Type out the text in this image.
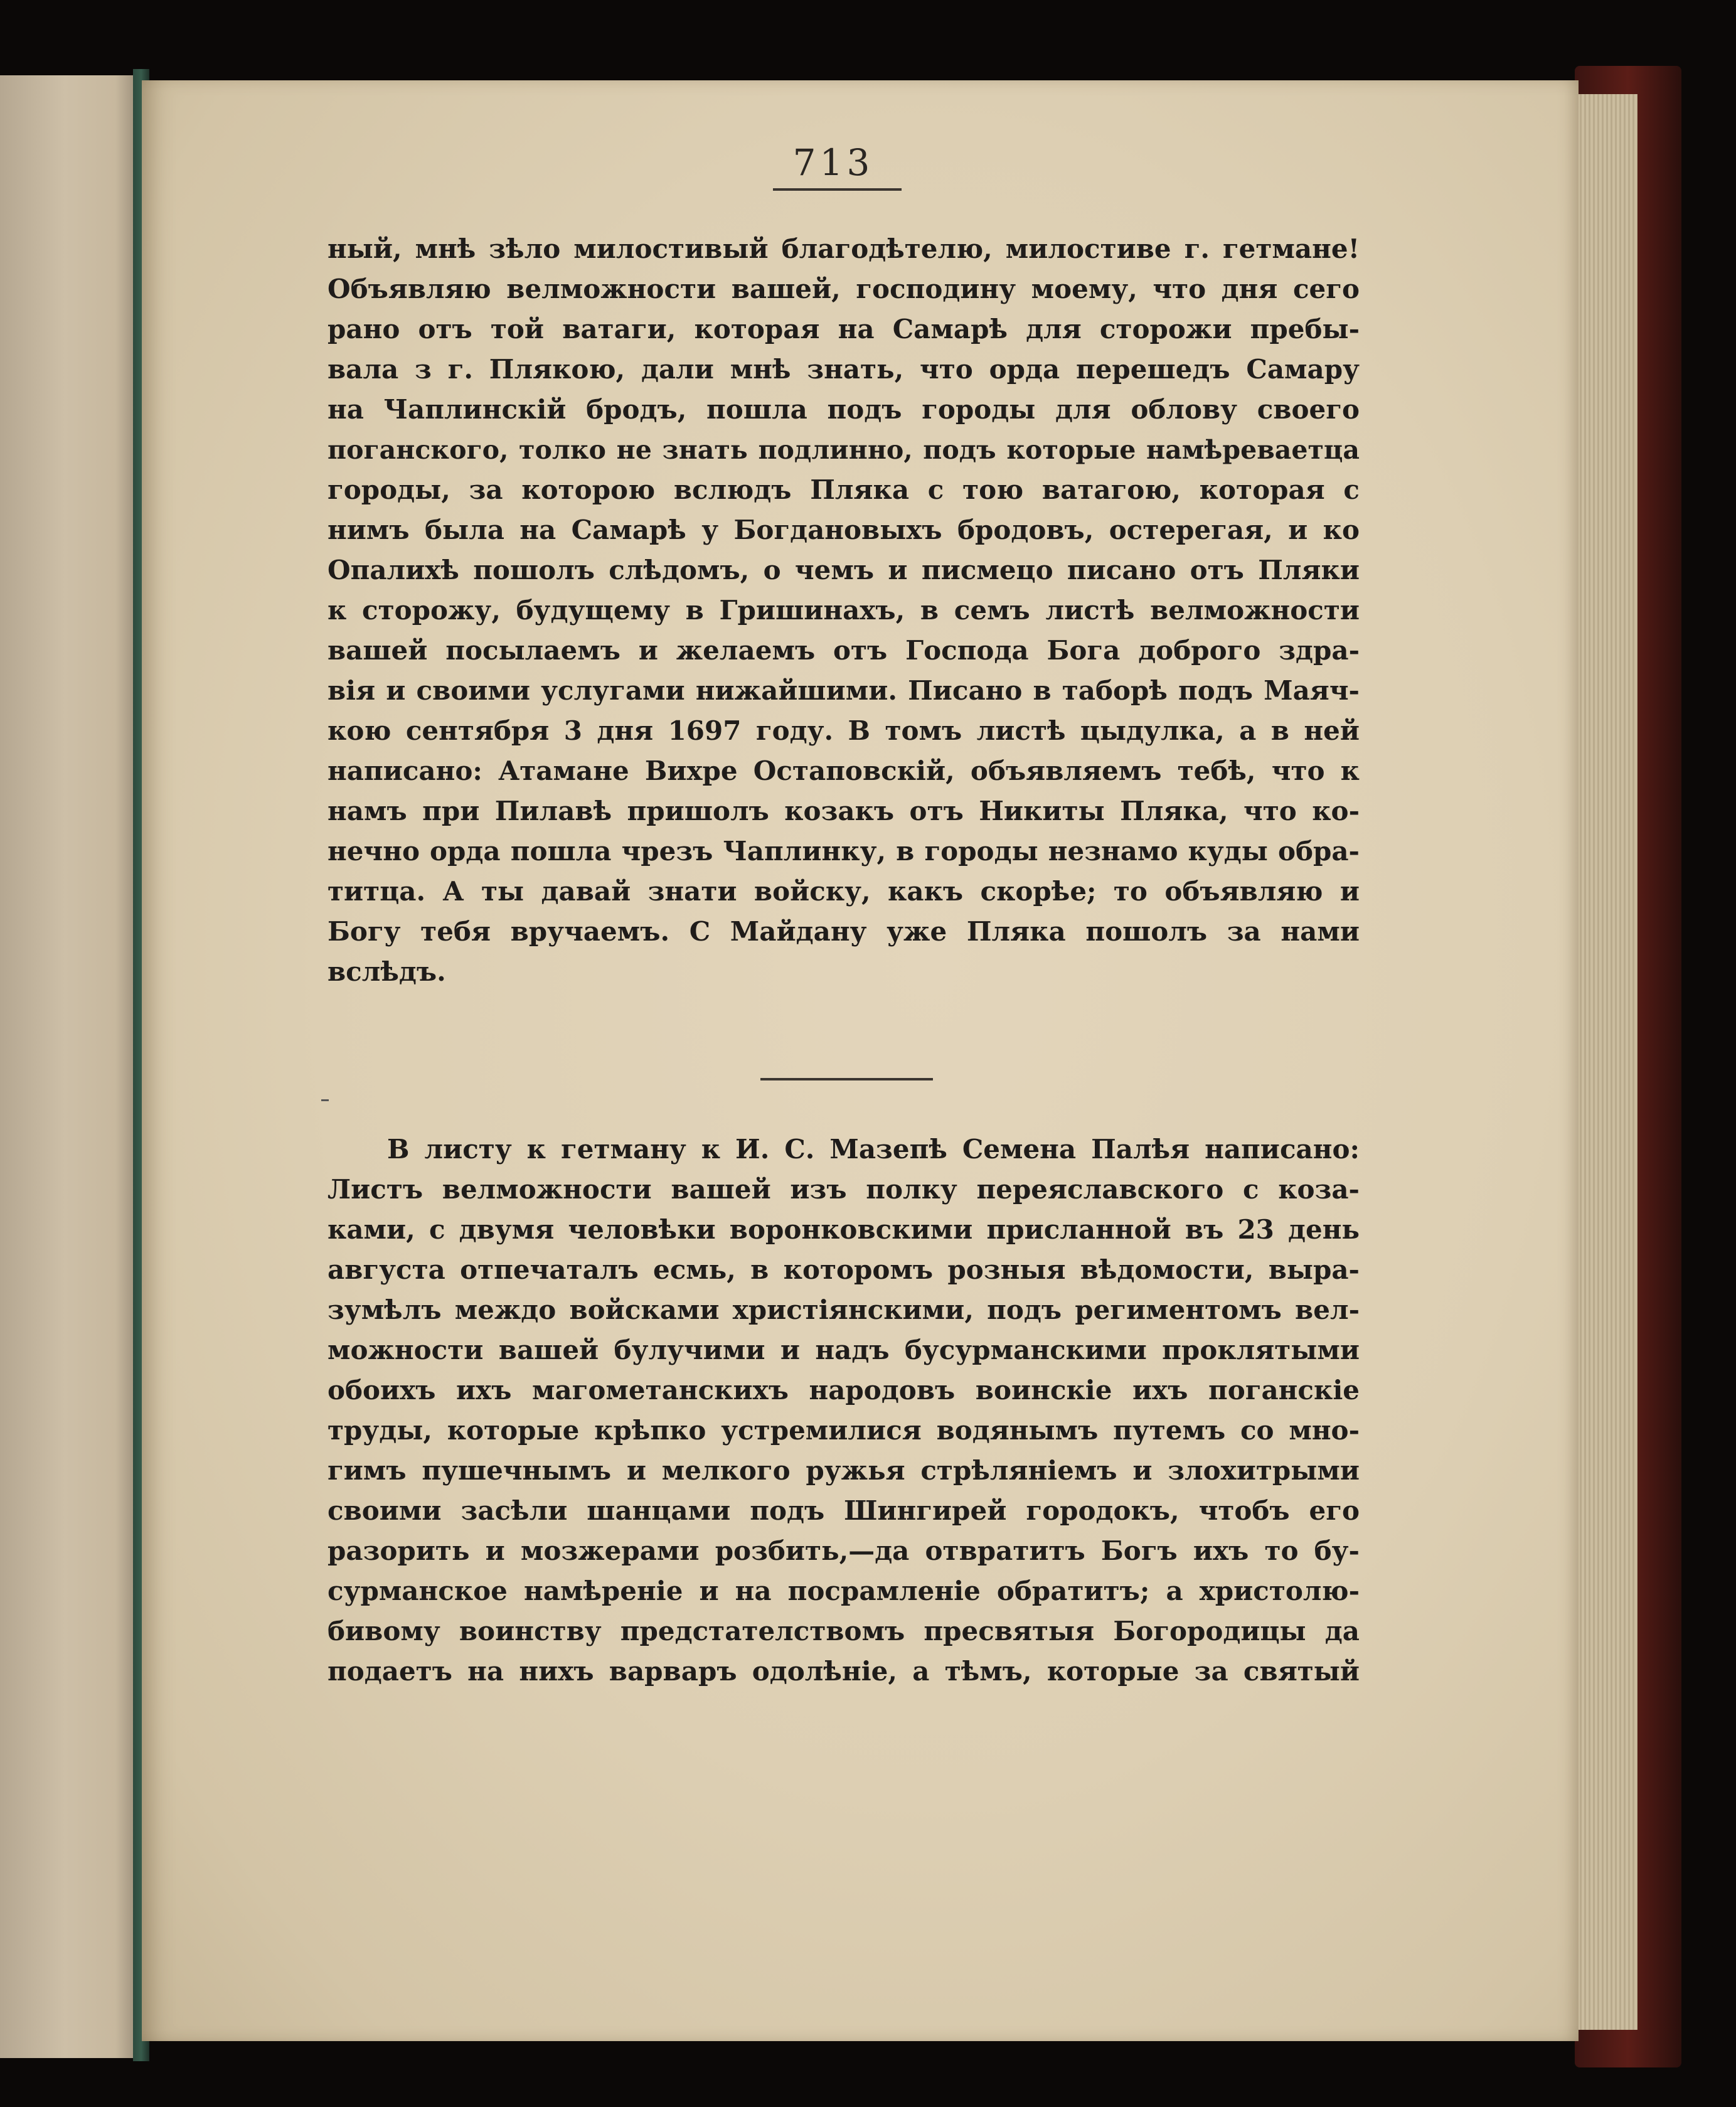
713
ный, мнѣ зѣло милостивый благодѣтелю, милостиве г. гетмане!
Объявляю велможности вашей, господину моему, что дня сего
рано отъ той ватаги, которая на Самарѣ для сторожи пребы-
вала з г. Плякою, дали мнѣ знать, что орда перешедъ Самару
на Чаплинскій бродъ, пошла подъ городы для облову своего
поганского, толко не знать подлинно, подъ которые намѣреваетца
городы, за которою вслюдъ Пляка с тою ватагою, которая с
нимъ была на Самарѣ у Богдановыхъ бродовъ, остерегая, и ко
Опалихѣ пошолъ слѣдомъ, о чемъ и писмецо писано отъ Пляки
к сторожу, будущему в Гришинахъ, в семъ листѣ велможности
вашей посылаемъ и желаемъ отъ Господа Бога доброго здра-
вія и своими услугами нижайшими. Писано в таборѣ подъ Маяч-
кою сентября 3 дня 1697 году. В томъ листѣ цыдулка, а в ней
написано: Атамане Вихре Остаповскій, объявляемъ тебѣ, что к
намъ при Пилавѣ пришолъ козакъ отъ Никиты Пляка, что ко-
нечно орда пошла чрезъ Чаплинку, в городы незнамо куды обра-
титца. А ты давай знати войску, какъ скорѣе; то объявляю и
Богу тебя вручаемъ. С Майдану уже Пляка пошолъ за нами
вслѣдъ.
В листу к гетману к И. С. Мазепѣ Семена Палѣя написано:
Листъ велможности вашей изъ полку переяславского с коза-
ками, с двумя человѣки воронковскими присланной въ 23 день
августа отпечаталъ есмь, в которомъ розныя вѣдомости, выра-
зумѣлъ междо войсками христіянскими, подъ региментомъ вел-
можности вашей булучими и надъ бусурманскими проклятыми
обоихъ ихъ магометанскихъ народовъ воинскіе ихъ поганскіе
труды, которые крѣпко устремилися водянымъ путемъ со мно-
гимъ пушечнымъ и мелкого ружья стрѣлянiемъ и злохитрыми
своими засѣли шанцами подъ Шингирей городокъ, чтобъ его
разорить и мозжерами розбить,—да отвратитъ Богъ ихъ то бу-
сурманское намѣренiе и на посрамленiе обратитъ; а христолю-
бивому воинству предстателствомъ пресвятыя Богородицы да
подаетъ на нихъ варваръ одолѣніе, а тѣмъ, которые за святый
